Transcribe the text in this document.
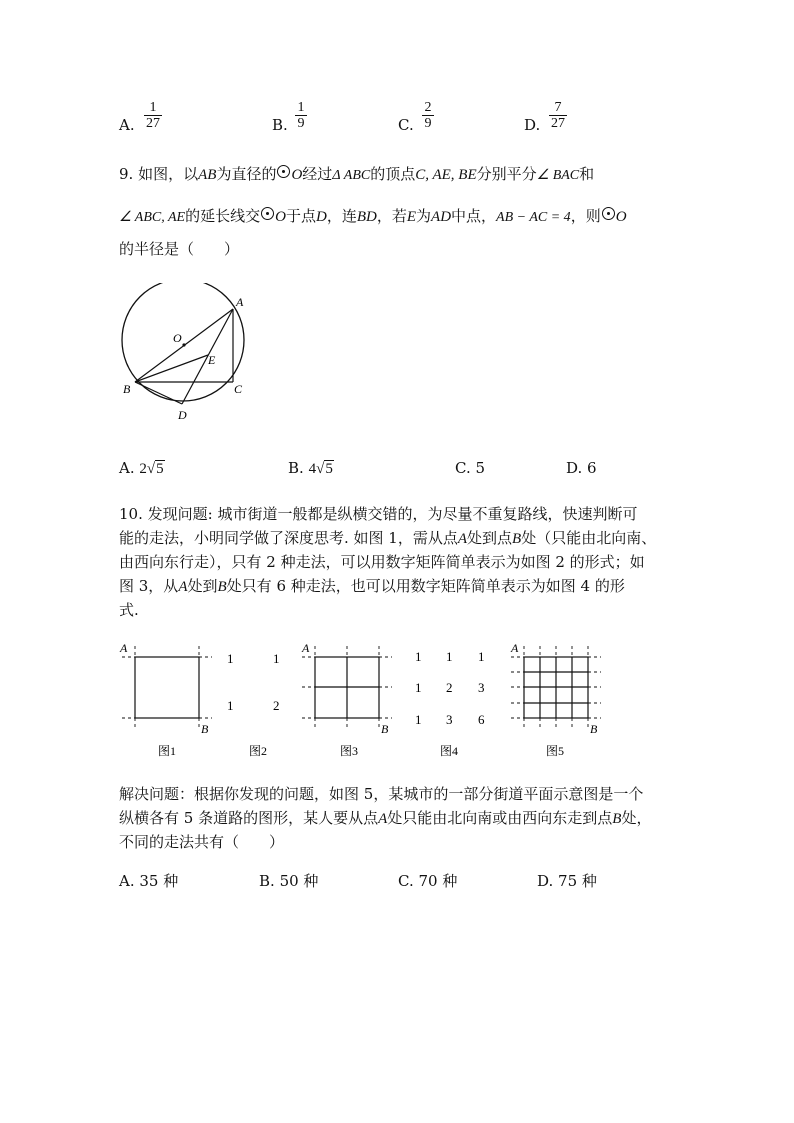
A.
1
27	B.
1
9	C.
2
9	D.
7
27
9. 如图，以AB为直径的 O经过Δ ABC的顶点C, AE, BE分别平分∠ BAC和
∠ ABC, AE的延长线交 O于点D，连BD，若E为AD中点，AB − AC = 4，则 O
的半径是（　　）
A
O
E
B	C
D
A. 2√5	B. 4√5	C. 5	D. 6
10. 发现问题: 城市街道一般都是纵横交错的，为尽量不重复路线，快速判断可
能的走法，小明同学做了深度思考. 如图 1，需从点A处到点B处（只能由北向南、
由西向东行走），只有 2 种走法，可以用数字矩阵简单表示为如图 2 的形式；如
图 3，从A处到B处只有 6 种走法，也可以用数字矩阵简单表示为如图 4 的形
式.
A
B
图1
1	1
1	2
图2
A
B
图3
1 1 1
1 2 3
1 3 6
图4
A
B
图5
解决问题：根据你发现的问题，如图 5，某城市的一部分街道平面示意图是一个
纵横各有 5 条道路的图形，某人要从点A处只能由北向南或由西向东走到点B处，
不同的走法共有（　　）
A. 35 种	B. 50 种	C. 70 种	D. 75 种
